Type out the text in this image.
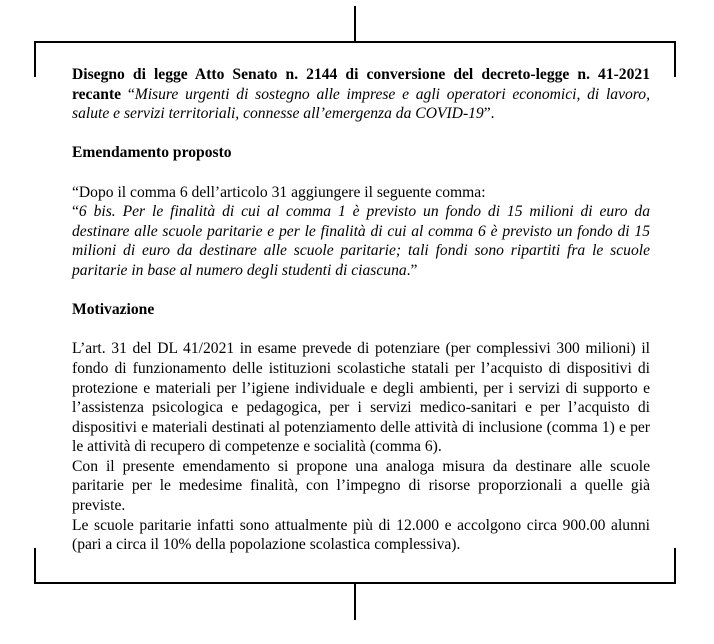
Disegno di legge Atto Senato n. 2144 di conversione del decreto-legge n. 41-2021 recante “Misure urgenti di sostegno alle imprese e agli operatori economici, di lavoro, salute e servizi territoriali, connesse all’emergenza da COVID-19”.

Emendamento proposto

“Dopo il comma 6 dell’articolo 31 aggiungere il seguente comma:

“6 bis. Per le finalità di cui al comma 1 è previsto un fondo di 15 milioni di euro da destinare alle scuole paritarie e per le finalità di cui al comma 6 è previsto un fondo di 15 milioni di euro da destinare alle scuole paritarie; tali fondi sono ripartiti fra le scuole paritarie in base al numero degli studenti di ciascuna.”

Motivazione

L’art. 31 del DL 41/2021 in esame prevede di potenziare (per complessivi 300 milioni) il fondo di funzionamento delle istituzioni scolastiche statali per l’acquisto di dispositivi di protezione e materiali per l’igiene individuale e degli ambienti, per i servizi di supporto e l’assistenza psicologica e pedagogica, per i servizi medico-sanitari e per l’acquisto di dispositivi e materiali destinati al potenziamento delle attività di inclusione (comma 1) e per le attività di recupero di competenze e socialità (comma 6).

Con il presente emendamento si propone una analoga misura da destinare alle scuole paritarie per le medesime finalità, con l’impegno di risorse proporzionali a quelle già previste.

Le scuole paritarie infatti sono attualmente più di 12.000 e accolgono circa 900.00 alunni (pari a circa il 10% della popolazione scolastica complessiva).
